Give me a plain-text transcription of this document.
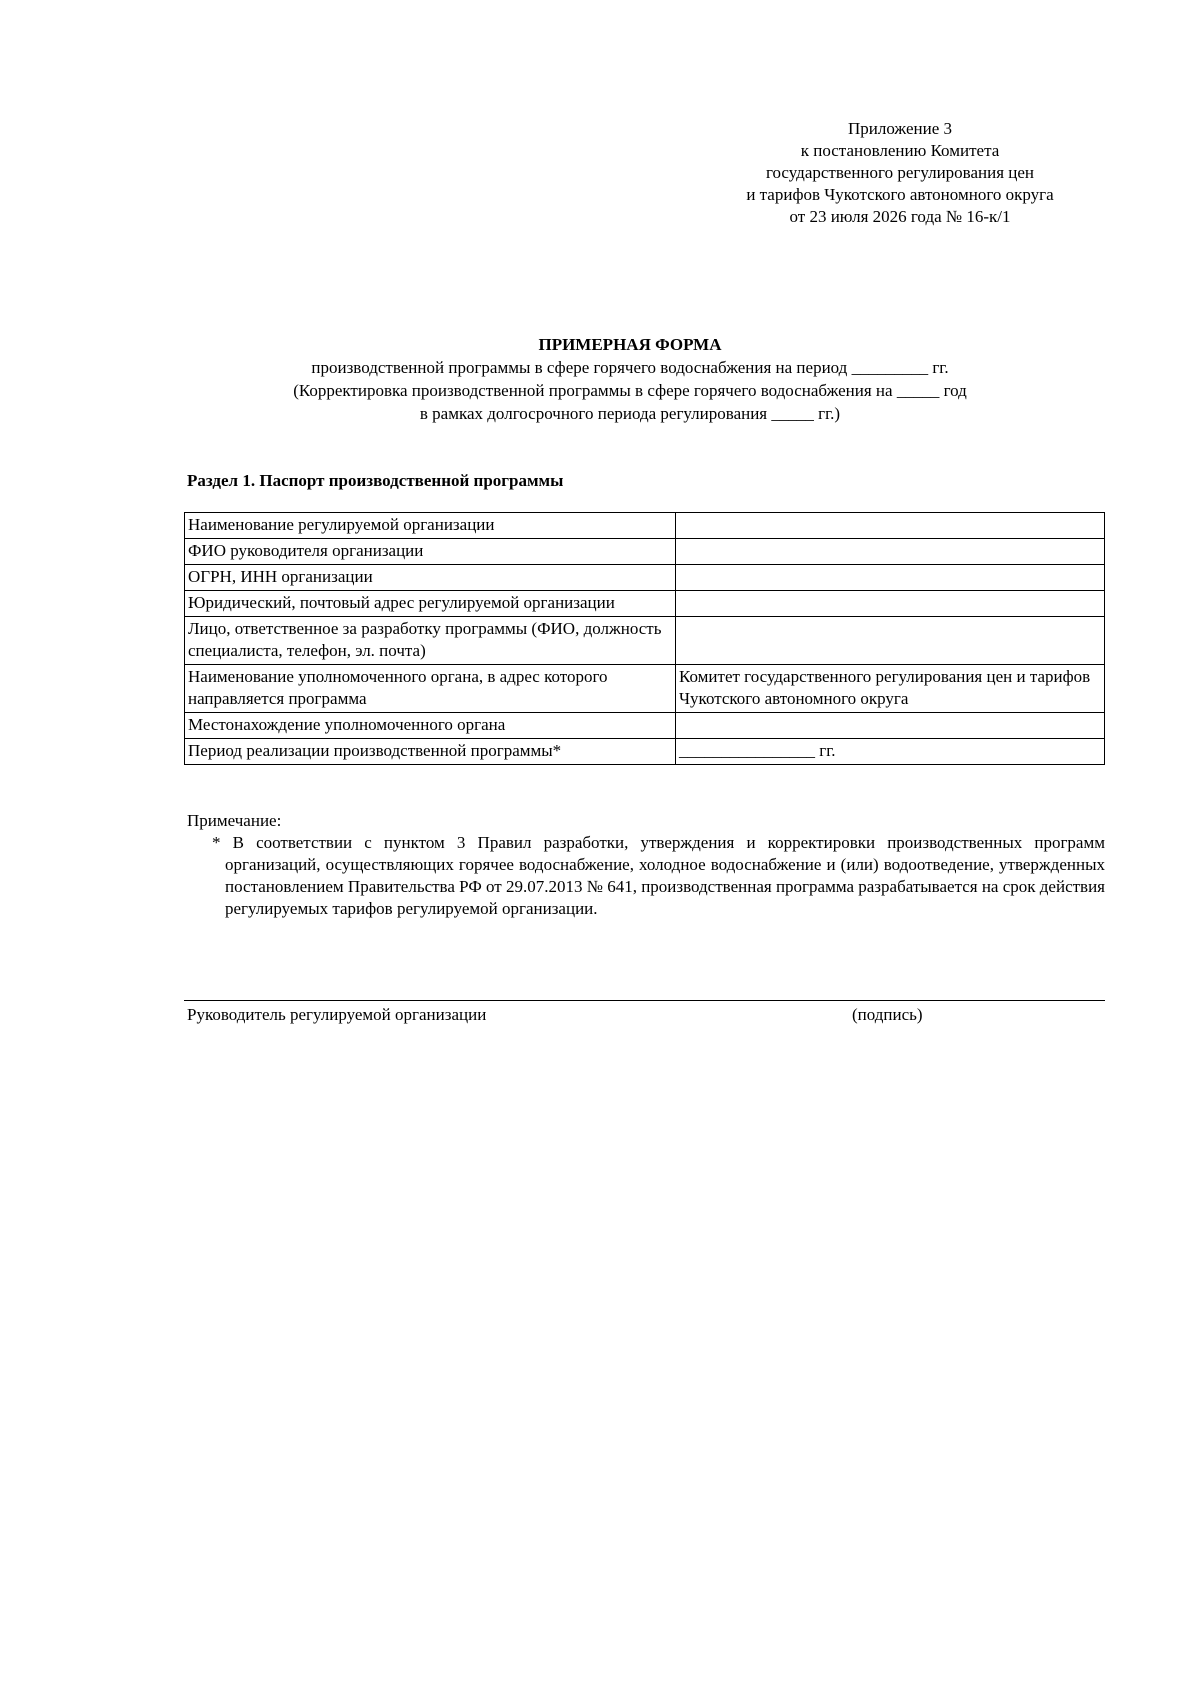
Приложение 3
к постановлению Комитета
государственного регулирования цен
и тарифов Чукотского автономного округа
от 23 июля 2026 года № 16-к/1
ПРИМЕРНАЯ ФОРМА
производственной программы в сфере горячего водоснабжения на период _________ гг.
(Корректировка производственной программы в сфере горячего водоснабжения на _____ год
в рамках долгосрочного периода регулирования _____ гг.)
Раздел 1. Паспорт производственной программы
Наименование регулируемой организации	
ФИО руководителя организации	
ОГРН, ИНН организации	
Юридический, почтовый адрес регулируемой организации	
Лицо, ответственное за разработку программы (ФИО, должность специалиста, телефон, эл. почта)	
Наименование уполномоченного органа, в адрес которого направляется программа	Комитет государственного регулирования цен и тарифов Чукотского автономного округа
Местонахождение уполномоченного органа	
Период реализации производственной программы*	________________ гг.
Примечание:
* В соответствии с пунктом 3 Правил разработки, утверждения и корректировки производственных программ организаций, осуществляющих горячее водоснабжение, холодное водоснабжение и (или) водоотведение, утвержденных постановлением Правительства РФ от 29.07.2013 № 641, производственная программа разрабатывается на срок действия регулируемых тарифов регулируемой организации.
Руководитель регулируемой организации	(подпись)
